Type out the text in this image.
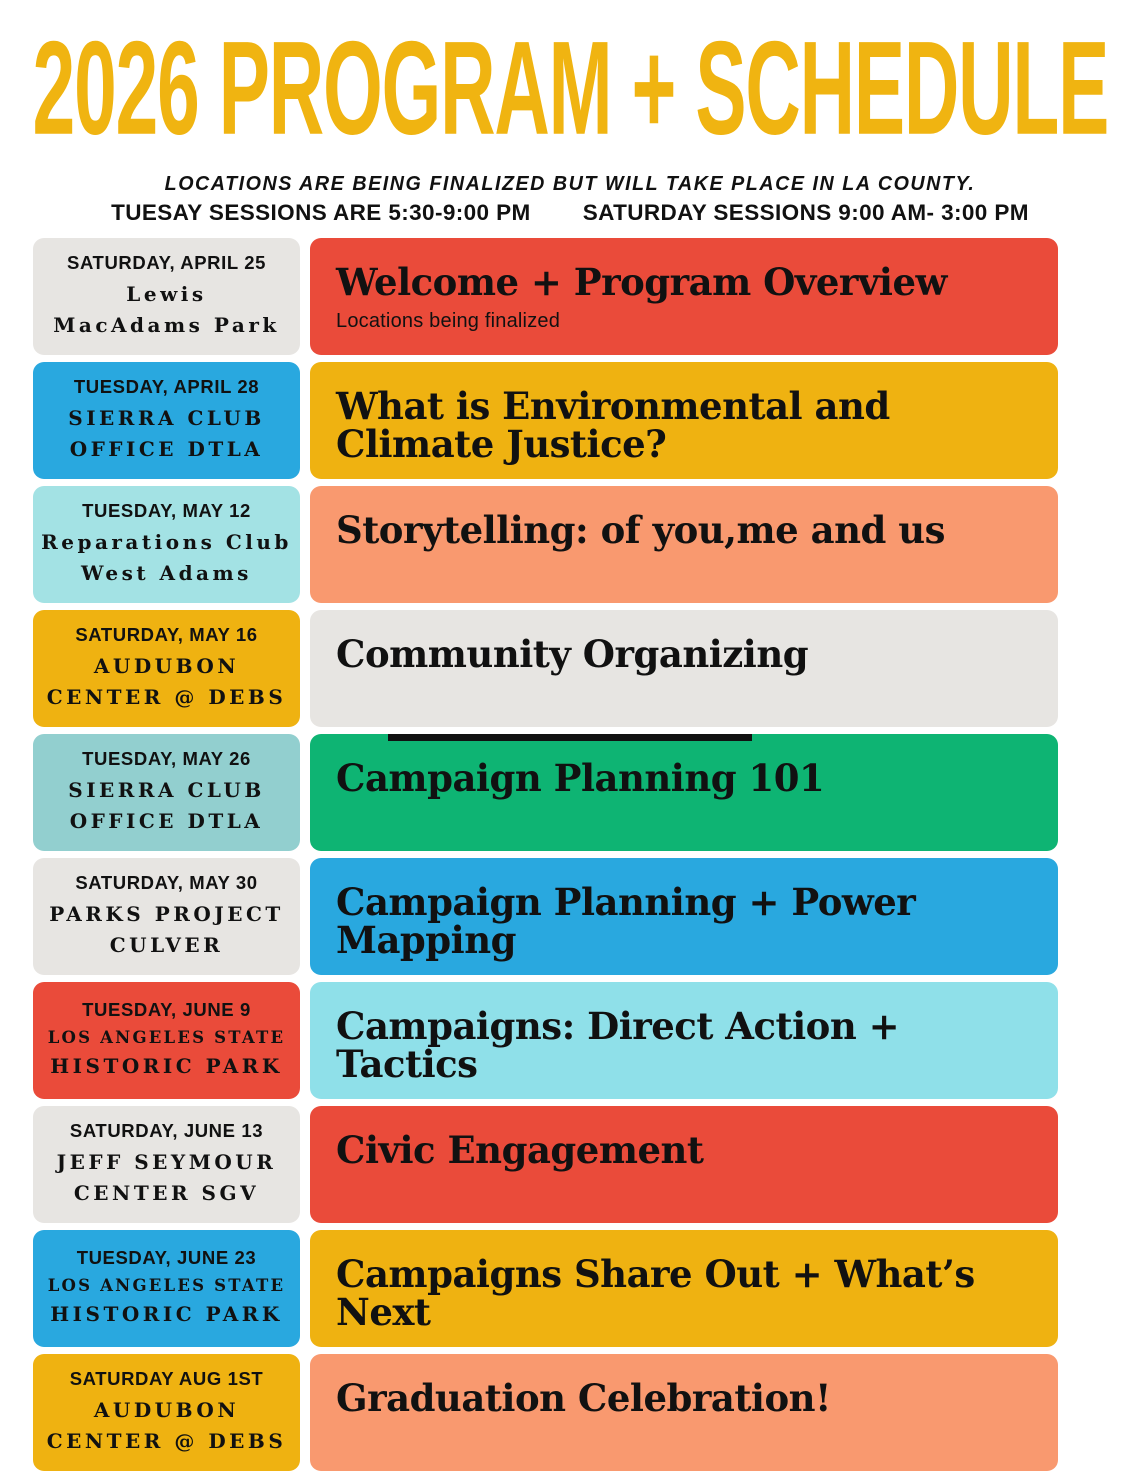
2026 PROGRAM + SCHEDULE
LOCATIONS ARE BEING FINALIZED BUT WILL TAKE PLACE IN LA COUNTY.
TUESAY SESSIONS ARE 5:30-9:00 PM SATURDAY SESSIONS 9:00 AM- 3:00 PM
SATURDAY, APRIL 25
Lewis
MacAdams Park
Welcome + Program Overview
Locations being finalized
TUESDAY, APRIL 28
SIERRA CLUB
OFFICE DTLA
What is Environmental and Climate Justice?
TUESDAY, MAY 12
Reparations Club
West Adams
Storytelling: of you,me and us
SATURDAY, MAY 16
AUDUBON
CENTER @ DEBS
Community Organizing
TUESDAY, MAY 26
SIERRA CLUB
OFFICE DTLA
Campaign Planning 101
SATURDAY, MAY 30
PARKS PROJECT
CULVER
Campaign Planning + Power Mapping
TUESDAY, JUNE 9
LOS ANGELES STATE
HISTORIC PARK
Campaigns: Direct Action + Tactics
SATURDAY, JUNE 13
JEFF SEYMOUR
CENTER SGV
Civic Engagement
TUESDAY, JUNE 23
LOS ANGELES STATE
HISTORIC PARK
Campaigns Share Out + What’s Next
SATURDAY AUG 1ST
AUDUBON
CENTER @ DEBS
Graduation Celebration!
